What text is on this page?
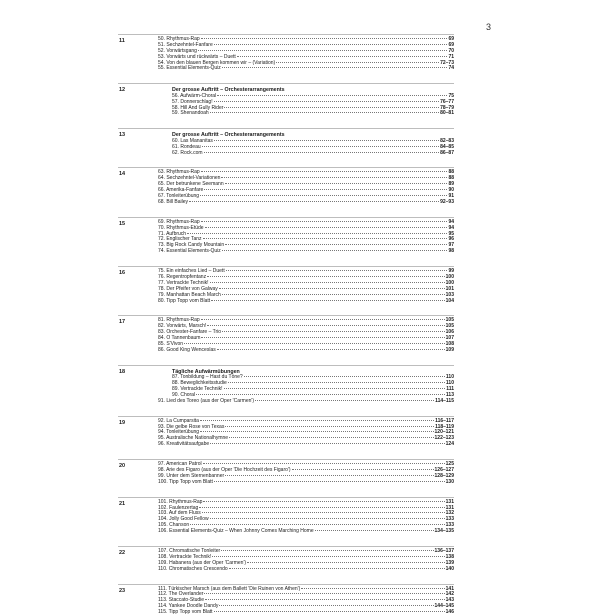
3
11	50. Rhythmus-Rap	69
51. Sechzehntel-Fanfare	69
52. Vorwärtsgang	70
53. Vorwärts und rückwärts – Duett	71
54. Von den blauen Bergen kommen wir – (Variation)	72–73
55. Essential Elements-Quiz	74
12	Der grosse Auftritt – Orchesterarrangements
56. Aufwärm-Choral	75
57. Donnerschlag!	76–77
58. Hill And Gully Rider	78–79
59. Shenandoah	80–81
13	Der grosse Auftritt – Orchesterarrangements
60. Las Mananitas	82–83
61. Rondeau	84–85
62. Rock.com	86–87
14	63. Rhythmus-Rap	88
64. Sechzehntel-Variationen	88
65. Der betrunkene Seemann	89
66. Amerika-Fanfare	90
67. Tonleiterübung	91
68. Bill Bailey	92–93
15	69. Rhythmus-Rap	94
70. Rhythmus-Etüde	94
71. Aufbruch	95
72. Englischer Tanz	96
73. Big Rock Candy Mountain	97
74. Essential Elements-Quiz	98
16	75. Ein einfaches Lied – Duett	99
76. Regentropfentanz	100
77. Vertrackte Technik!	100
78. Der Pfeifer von Galway	101
79. Manhattan Beach March	103
80. Tipp Topp vom Blatt	104
17	81. Rhythmus-Rap	105
82. Vorwärts, Marsch!	105
83. Orchester-Fanfare – Trio	106
84. O Tannenbaum	107
85. S'Vivon	108
86. Good King Wenceslas	109
18	Tägliche Aufwärmübungen
87. Tonbildung – Hast du Töne?	110
88. Beweglichkeitsstudie	110
89. Vertrackte Technik!	111
90. Choral	113
91. Lied des Toreo (aus der Oper 'Carmen')	114–115
19	92. La Cumparsita	116–117
93. Die gelbe Rose von Texas	118–119
94. Tonleiterübung	120–121
95. Australische Nationalhymne	122–123
96. Kreativitätsaufgabe	124
20	97. American Patrol	125
98. Arie des Figaro (aus der Oper 'Die Hochzeit des Figaro')	126–127
99. Unter dem Sternenbanner	128–129
100. Tipp Topp vom Blatt	130
21	101. Rhythmus-Rap	131
102. Faulenzertag	131
103. Auf dem Fluss	132
104. Jolly Good Fellow	133
105. Chanson	133
106. Essential Elements-Quiz – When Johnny Comes Marching Home	134–135
22	107. Chromatische Tonleiter	136–137
108. Vertrackte Technik!	138
109. Habanera (aus der Oper 'Carmen')	139
110. Chromatisches Crescendo	140
23	111. Türkischer Marsch (aus dem Ballett 'Die Ruinen von Athen')	141
112. The Overlander	142
113. Staccato-Studie	143
114. Yankee Doodle Dandy	144–145
115. Tipp Topp vom Blatt	146
